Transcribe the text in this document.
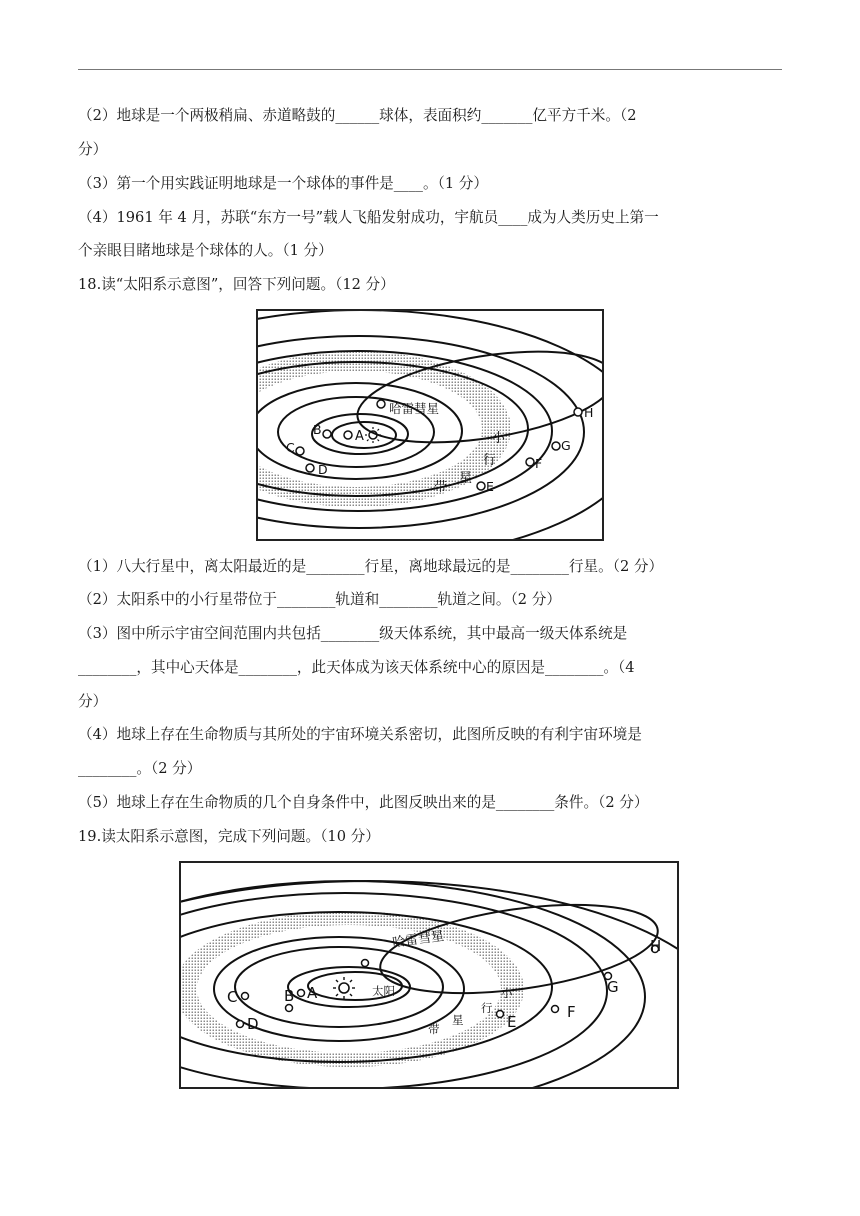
（2）地球是一个两极稍扁、赤道略鼓的______球体，表面积约_______亿平方千米。（2
分）
（3）第一个用实践证明地球是一个球体的事件是____。（1 分）
（4）1961 年 4 月，苏联“东方一号”载人飞船发射成功，宇航员____成为人类历史上第一
个亲眼目睹地球是个球体的人。（1 分）
18.读“太阳系示意图”，回答下列问题。（12 分）
哈雷彗星
A
B
C
D
E
F
G
H
小
行
星
带
（1）八大行星中，离太阳最近的是________行星，离地球最远的是________行星。（2 分）
（2）太阳系中的小行星带位于________轨道和________轨道之间。（2 分）
（3）图中所示宇宙空间范围内共包括________级天体系统，其中最高一级天体系统是
________，其中心天体是________，此天体成为该天体系统中心的原因是________。（4
分）
（4）地球上存在生命物质与其所处的宇宙环境关系密切，此图所反映的有利宇宙环境是
________。（2 分）
（5）地球上存在生命物质的几个自身条件中，此图反映出来的是________条件。（2 分）
19.读太阳系示意图，完成下列问题。（10 分）
哈雷彗星
太阳
A
B
C
D	E
F
G
H
小
行
星
带
